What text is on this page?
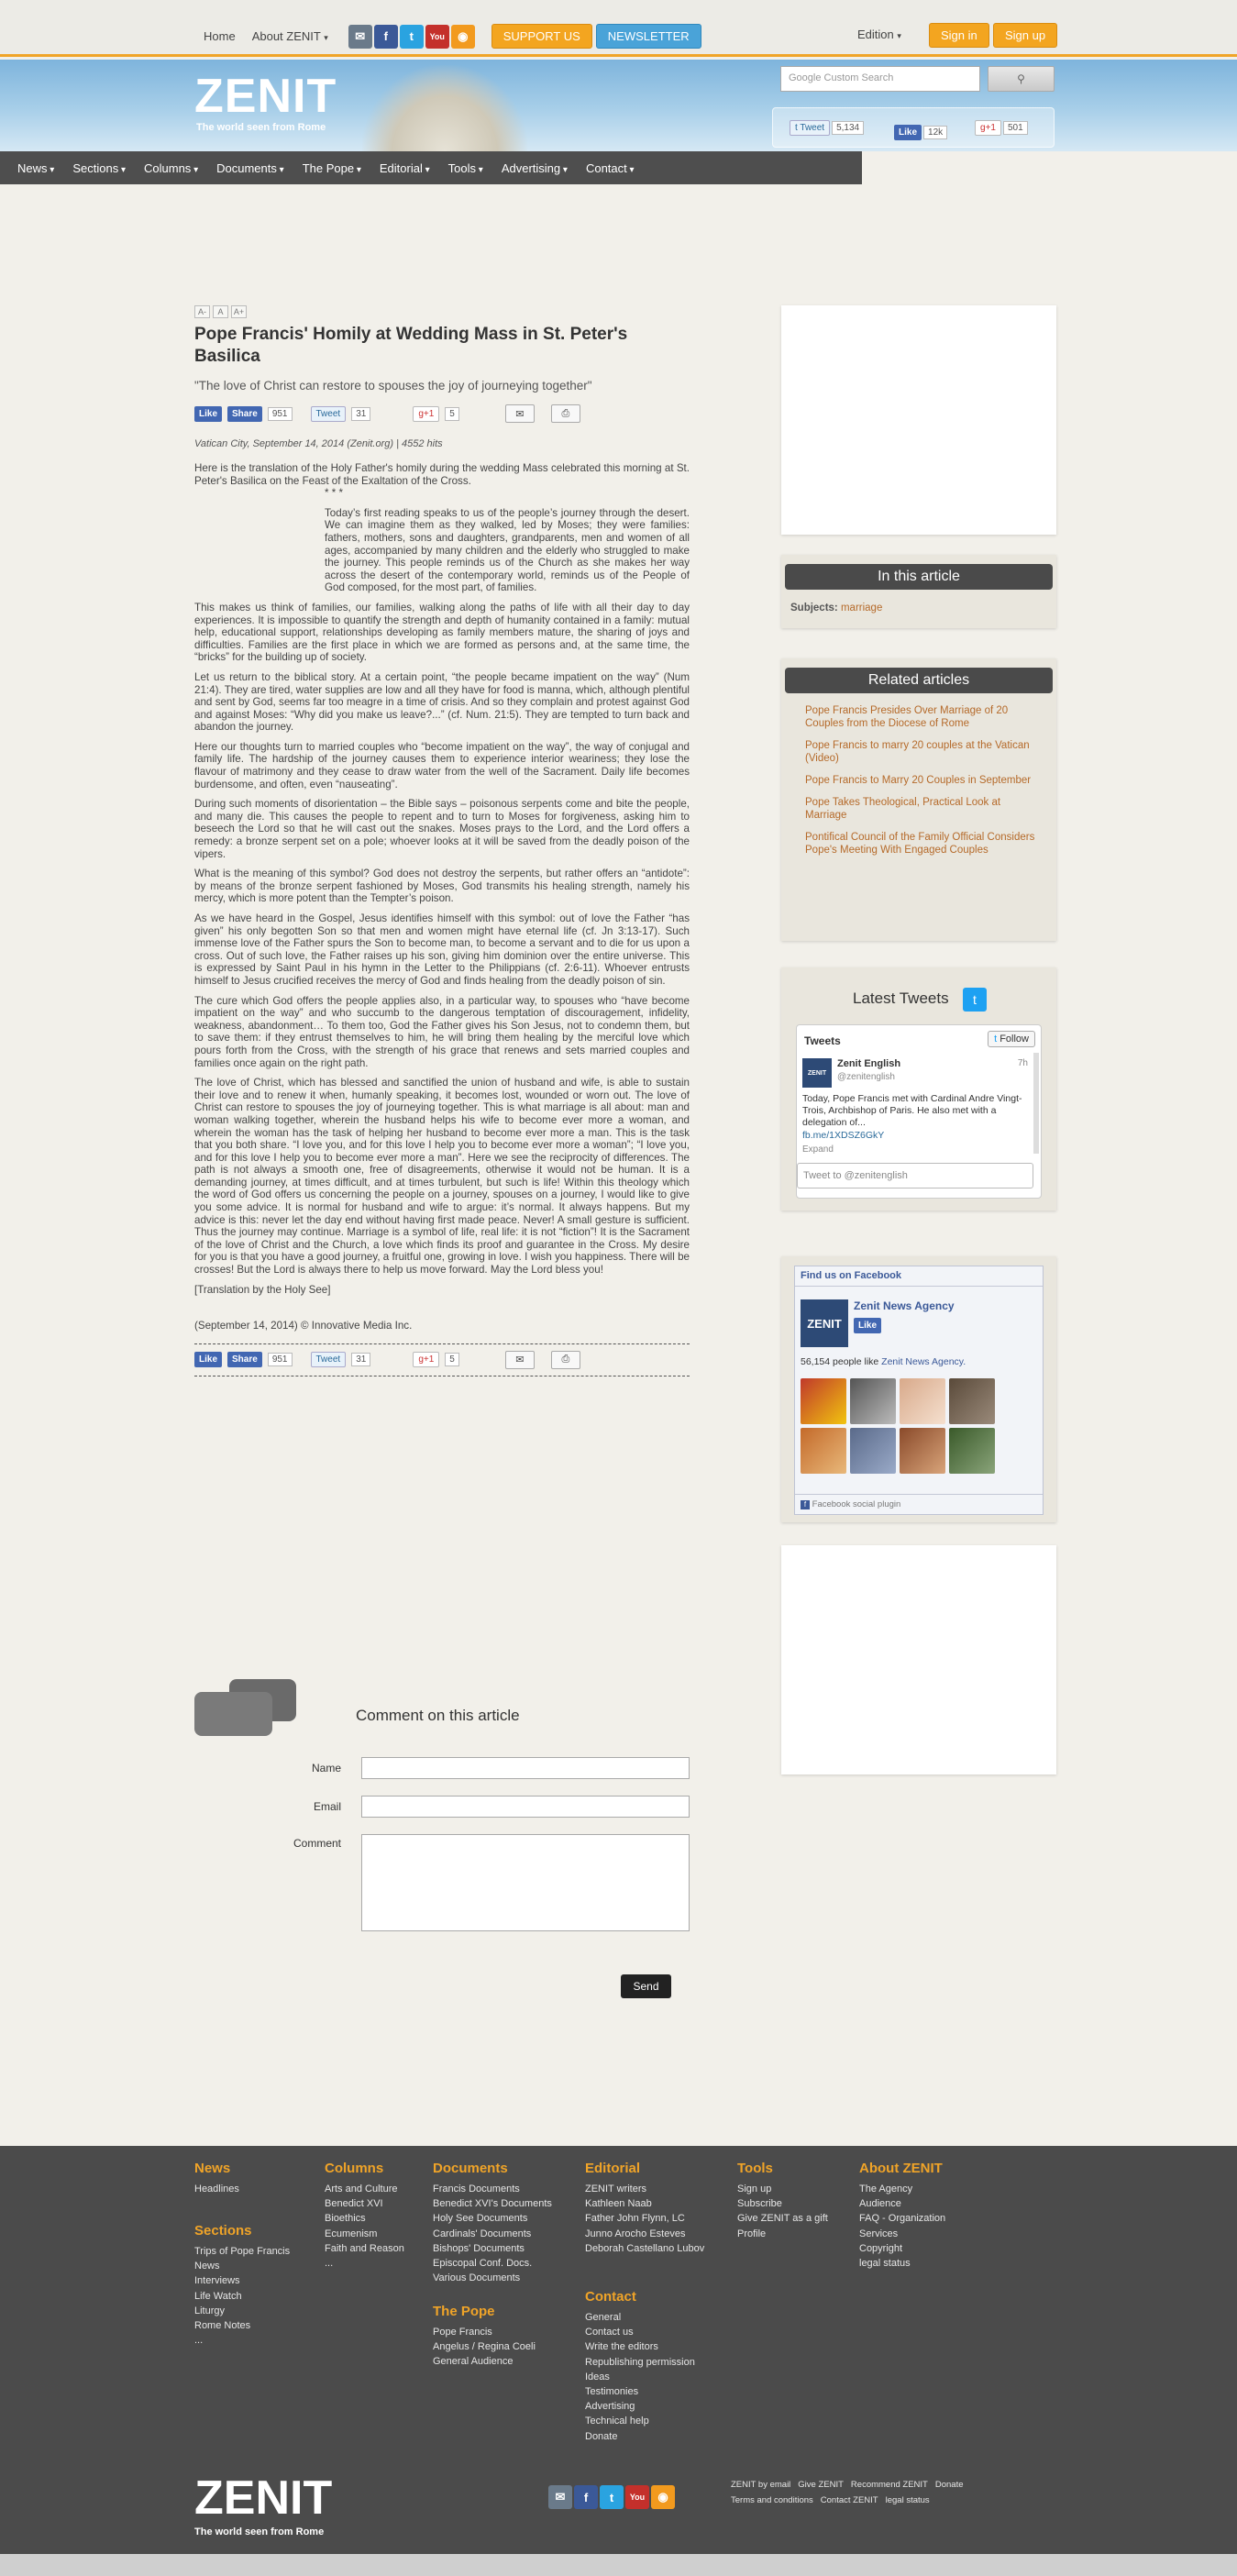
Home About ZENIT ▾	✉	f	t	You	◉	SUPPORT US	NEWSLETTER	Edition ▾	Sign in	Sign up
ZENIT
The world seen from Rome
Google Custom Search	⚲
t Tweet	5,134	Like	12k	g+1	501
News ▾	Sections ▾	Columns ▾	Documents ▾	The Pope ▾	Editorial ▾	Tools ▾	Advertising ▾	Contact ▾
A-	A	A+
Pope Francis' Homily at Wedding Mass in St. Peter's Basilica
"The love of Christ can restore to spouses the joy of journeying together"
Like	Share	951	Tweet	31	g+1	5	✉	⎙
Vatican City, September 14, 2014 (Zenit.org) | 4552 hits

Here is the translation of the Holy Father's homily during the wedding Mass celebrated this morning at St. Peter's Basilica on the Feast of the Exaltation of the Cross.

* * *

Today’s first reading speaks to us of the people’s journey through the desert. We can imagine them as they walked, led by Moses; they were families: fathers, mothers, sons and daughters, grandparents, men and women of all ages, accompanied by many children and the elderly who struggled to make the journey. This people reminds us of the Church as she makes her way across the desert of the contemporary world, reminds us of the People of God composed, for the most part, of families.

This makes us think of families, our families, walking along the paths of life with all their day to day experiences. It is impossible to quantify the strength and depth of humanity contained in a family: mutual help, educational support, relationships developing as family members mature, the sharing of joys and difficulties. Families are the first place in which we are formed as persons and, at the same time, the “bricks” for the building up of society.

Let us return to the biblical story. At a certain point, “the people became impatient on the way” (Num 21:4). They are tired, water supplies are low and all they have for food is manna, which, although plentiful and sent by God, seems far too meagre in a time of crisis. And so they complain and protest against God and against Moses: “Why did you make us leave?...” (cf. Num. 21:5). They are tempted to turn back and abandon the journey.

Here our thoughts turn to married couples who “become impatient on the way”, the way of conjugal and family life. The hardship of the journey causes them to experience interior weariness; they lose the flavour of matrimony and they cease to draw water from the well of the Sacrament. Daily life becomes burdensome, and often, even “nauseating”.

During such moments of disorientation – the Bible says – poisonous serpents come and bite the people, and many die. This causes the people to repent and to turn to Moses for forgiveness, asking him to beseech the Lord so that he will cast out the snakes. Moses prays to the Lord, and the Lord offers a remedy: a bronze serpent set on a pole; whoever looks at it will be saved from the deadly poison of the vipers.

What is the meaning of this symbol? God does not destroy the serpents, but rather offers an “antidote”: by means of the bronze serpent fashioned by Moses, God transmits his healing strength, namely his mercy, which is more potent than the Tempter’s poison.

As we have heard in the Gospel, Jesus identifies himself with this symbol: out of love the Father “has given” his only begotten Son so that men and women might have eternal life (cf. Jn 3:13-17). Such immense love of the Father spurs the Son to become man, to become a servant and to die for us upon a cross. Out of such love, the Father raises up his son, giving him dominion over the entire universe. This is expressed by Saint Paul in his hymn in the Letter to the Philippians (cf. 2:6-11). Whoever entrusts himself to Jesus crucified receives the mercy of God and finds healing from the deadly poison of sin.

The cure which God offers the people applies also, in a particular way, to spouses who “have become impatient on the way” and who succumb to the dangerous temptation of discouragement, infidelity, weakness, abandonment… To them too, God the Father gives his Son Jesus, not to condemn them, but to save them: if they entrust themselves to him, he will bring them healing by the merciful love which pours forth from the Cross, with the strength of his grace that renews and sets married couples and families once again on the right path.

The love of Christ, which has blessed and sanctified the union of husband and wife, is able to sustain their love and to renew it when, humanly speaking, it becomes lost, wounded or worn out. The love of Christ can restore to spouses the joy of journeying together. This is what marriage is all about: man and woman walking together, wherein the husband helps his wife to become ever more a woman, and wherein the woman has the task of helping her husband to become ever more a man. This is the task that you both share. “I love you, and for this love I help you to become ever more a woman”; “I love you, and for this love I help you to become ever more a man”. Here we see the reciprocity of differences. The path is not always a smooth one, free of disagreements, otherwise it would not be human. It is a demanding journey, at times difficult, and at times turbulent, but such is life! Within this theology which the word of God offers us concerning the people on a journey, spouses on a journey, I would like to give you some advice. It is normal for husband and wife to argue: it’s normal. It always happens. But my advice is this: never let the day end without having first made peace. Never! A small gesture is sufficient. Thus the journey may continue. Marriage is a symbol of life, real life: it is not “fiction”! It is the Sacrament of the love of Christ and the Church, a love which finds its proof and guarantee in the Cross. My desire for you is that you have a good journey, a fruitful one, growing in love. I wish you happiness. There will be crosses! But the Lord is always there to help us move forward. May the Lord bless you!

[Translation by the Holy See]

(September 14, 2014) © Innovative Media Inc.

Like	Share	951	Tweet	31	g+1	5	✉	⎙
Comment on this article
Name
Email
Comment
Send
In this article
Subjects: marriage
Related articles
Pope Francis Presides Over Marriage of 20 Couples from the Diocese of Rome
Pope Francis to marry 20 couples at the Vatican (Video)
Pope Francis to Marry 20 Couples in September
Pope Takes Theological, Practical Look at Marriage
Pontifical Council of the Family Official Considers Pope's Meeting With Engaged Couples
Latest Tweets	t
Tweets	t Follow
ZENIT
Zenit English
@zenitenglish
7h
Today, Pope Francis met with Cardinal Andre Vingt-Trois, Archbishop of Paris. He also met with a delegation of...
fb.me/1XDSZ6GkY
Expand
Tweet to @zenitenglish
Find us on Facebook
ZENIT
Zenit News Agency
Like
56,154 people like Zenit News Agency.
f Facebook social plugin
News
Headlines
Sections
Trips of Pope Francis
News
Interviews
Life Watch
Liturgy
Rome Notes
...
Columns
Arts and Culture
Benedict XVI
Bioethics
Ecumenism
Faith and Reason
...
Documents
Francis Documents
Benedict XVI's Documents
Holy See Documents
Cardinals' Documents
Bishops' Documents
Episcopal Conf. Docs.
Various Documents
The Pope
Pope Francis
Angelus / Regina Coeli
General Audience
Editorial
ZENIT writers
Kathleen Naab
Father John Flynn, LC
Junno Arocho Esteves
Deborah Castellano Lubov
Contact
General
Contact us
Write the editors
Republishing permission
Ideas
Testimonies
Advertising
Technical help
Donate
Tools
Sign up
Subscribe
Give ZENIT as a gift
Profile
About ZENIT
The Agency
Audience
FAQ - Organization
Services
Copyright
legal status
ZENIT
The world seen from Rome
✉	f	t	You	◉
ZENIT by email Give ZENIT Recommend ZENIT Donate
Terms and conditions Contact ZENIT legal status
